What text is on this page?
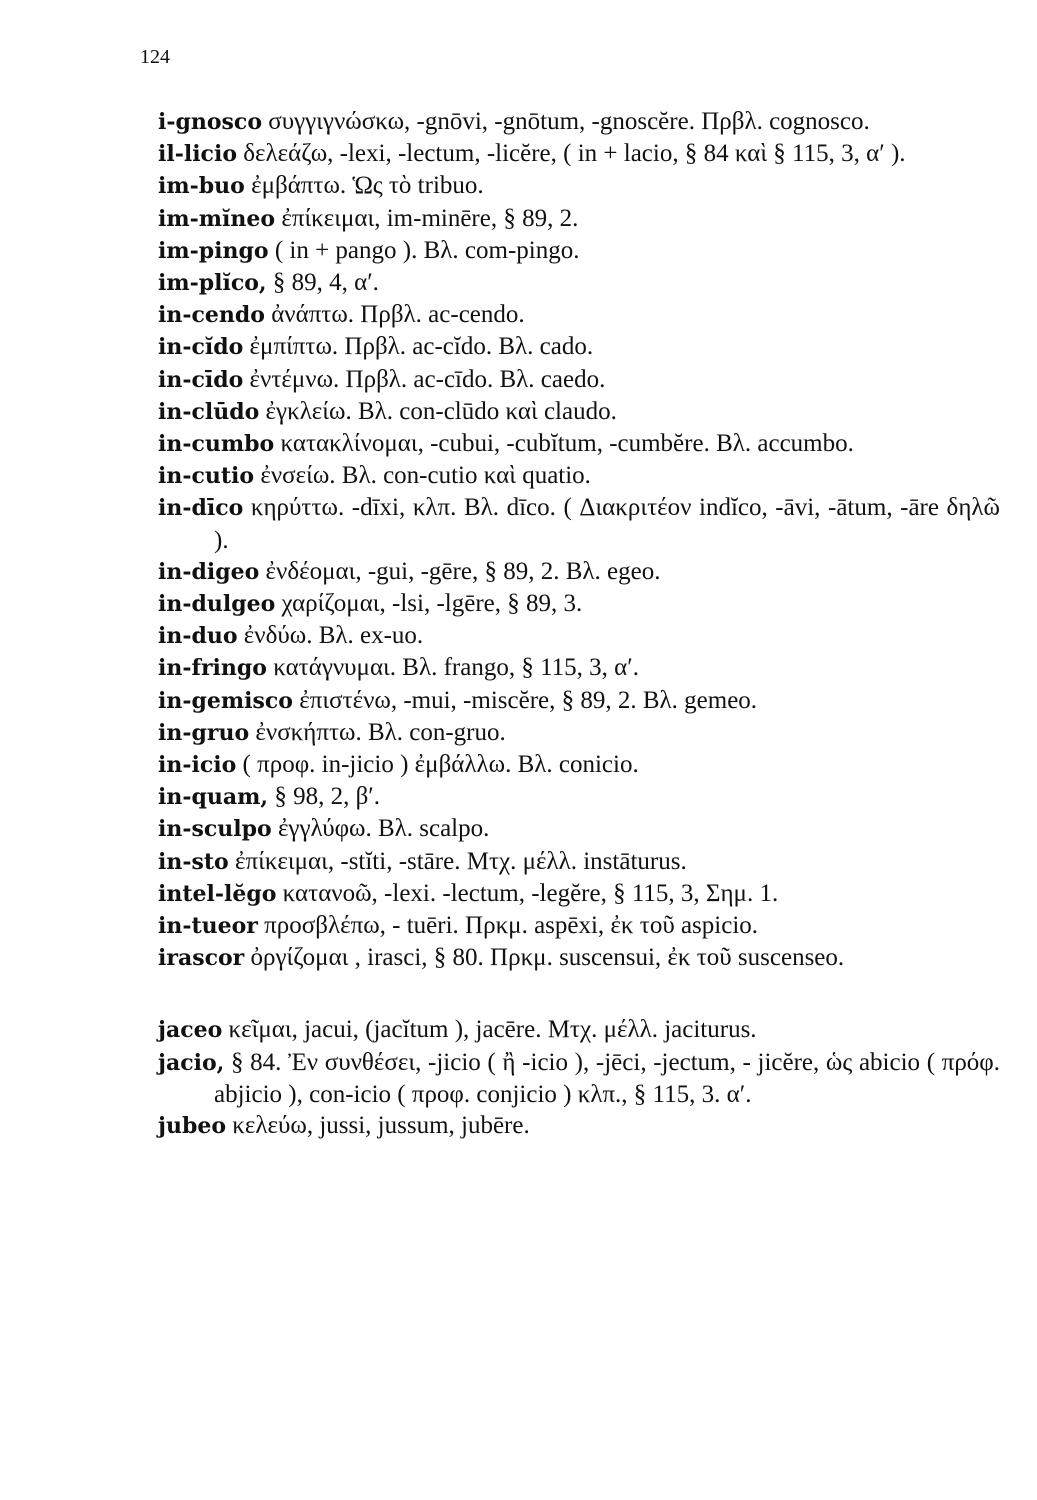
124

i-gnosco συγγιγνώσκω, -gnōvi, -gnōtum, -gnoscĕre. Πρβλ. cognosco.

il-licio δελεάζω, -lexi, -lectum, -licĕre, ( in + lacio, § 84 καὶ § 115, 3, α′ ).

im-buo ἐμβάπτω. Ὡς τὸ tribuo.

im-mĭneo ἐπίκειμαι, im-minēre, § 89, 2.

im-pingo ( in + pango ). Βλ. com-pingo.

im-plĭco, § 89, 4, α′.

in-cendo ἀνάπτω. Πρβλ. ac-cendo.

in-cĭdo ἐμπίπτω. Πρβλ. ac-cĭdo. Βλ. cado.

in-cīdo ἐντέμνω. Πρβλ. ac-cīdo. Βλ. caedo.

in-clūdo ἐγκλείω. Βλ. con-clūdo καὶ claudo.

in-cumbo κατακλίνομαι, -cubui, -cubĭtum, -cumbĕre. Βλ. accumbo.

in-cutio ἐνσείω. Βλ. con-cutio καὶ quatio.

in-dīco κηρύττω. -dīxi, κλπ. Βλ. dīco. ( Διακριτέον indĭco, -āvi, -ātum, -āre δηλῶ ).

in-digeo ἐνδέομαι, -gui, -gēre, § 89, 2. Βλ. egeo.

in-dulgeo χαρίζομαι, -lsi, -lgēre, § 89, 3.

in-duo ἐνδύω. Βλ. ex-uo.

in-fringo κατάγνυμαι. Βλ. frango, § 115, 3, α′.

in-gemisco ἐπιστένω, -mui, -miscĕre, § 89, 2. Βλ. gemeo.

in-gruo ἐνσκήπτω. Βλ. con-gruo.

in-icio ( προφ. in-jicio ) ἐμβάλλω. Βλ. conicio.

in-quam, § 98, 2, β′.

in-sculpo ἐγγλύφω. Βλ. scalpo.

in-sto ἐπίκειμαι, -stĭti, -stāre. Μτχ. μέλλ. instāturus.

intel-lĕgo κατανοῶ, -lexi. -lectum, -legĕre, § 115, 3, Σημ. 1.

in-tueor προσβλέπω, - tuēri. Πρκμ. aspēxi, ἐκ τοῦ aspicio.

irascor ὀργίζομαι , irasci, § 80. Πρκμ. suscensui, ἐκ τοῦ suscenseo.

jaceo κεῖμαι, jacui, (jacĭtum ), jacēre. Μτχ. μέλλ. jaciturus.

jacio, § 84. Ἐν συνθέσει, -jicio ( ἢ -icio ), -jēci, -jectum, - jicĕre, ὡς abicio ( πρόφ. abjicio ), con-icio ( προφ. conjicio ) κλπ., § 115, 3. α′.

jubeo κελεύω, jussi, jussum, jubēre.
